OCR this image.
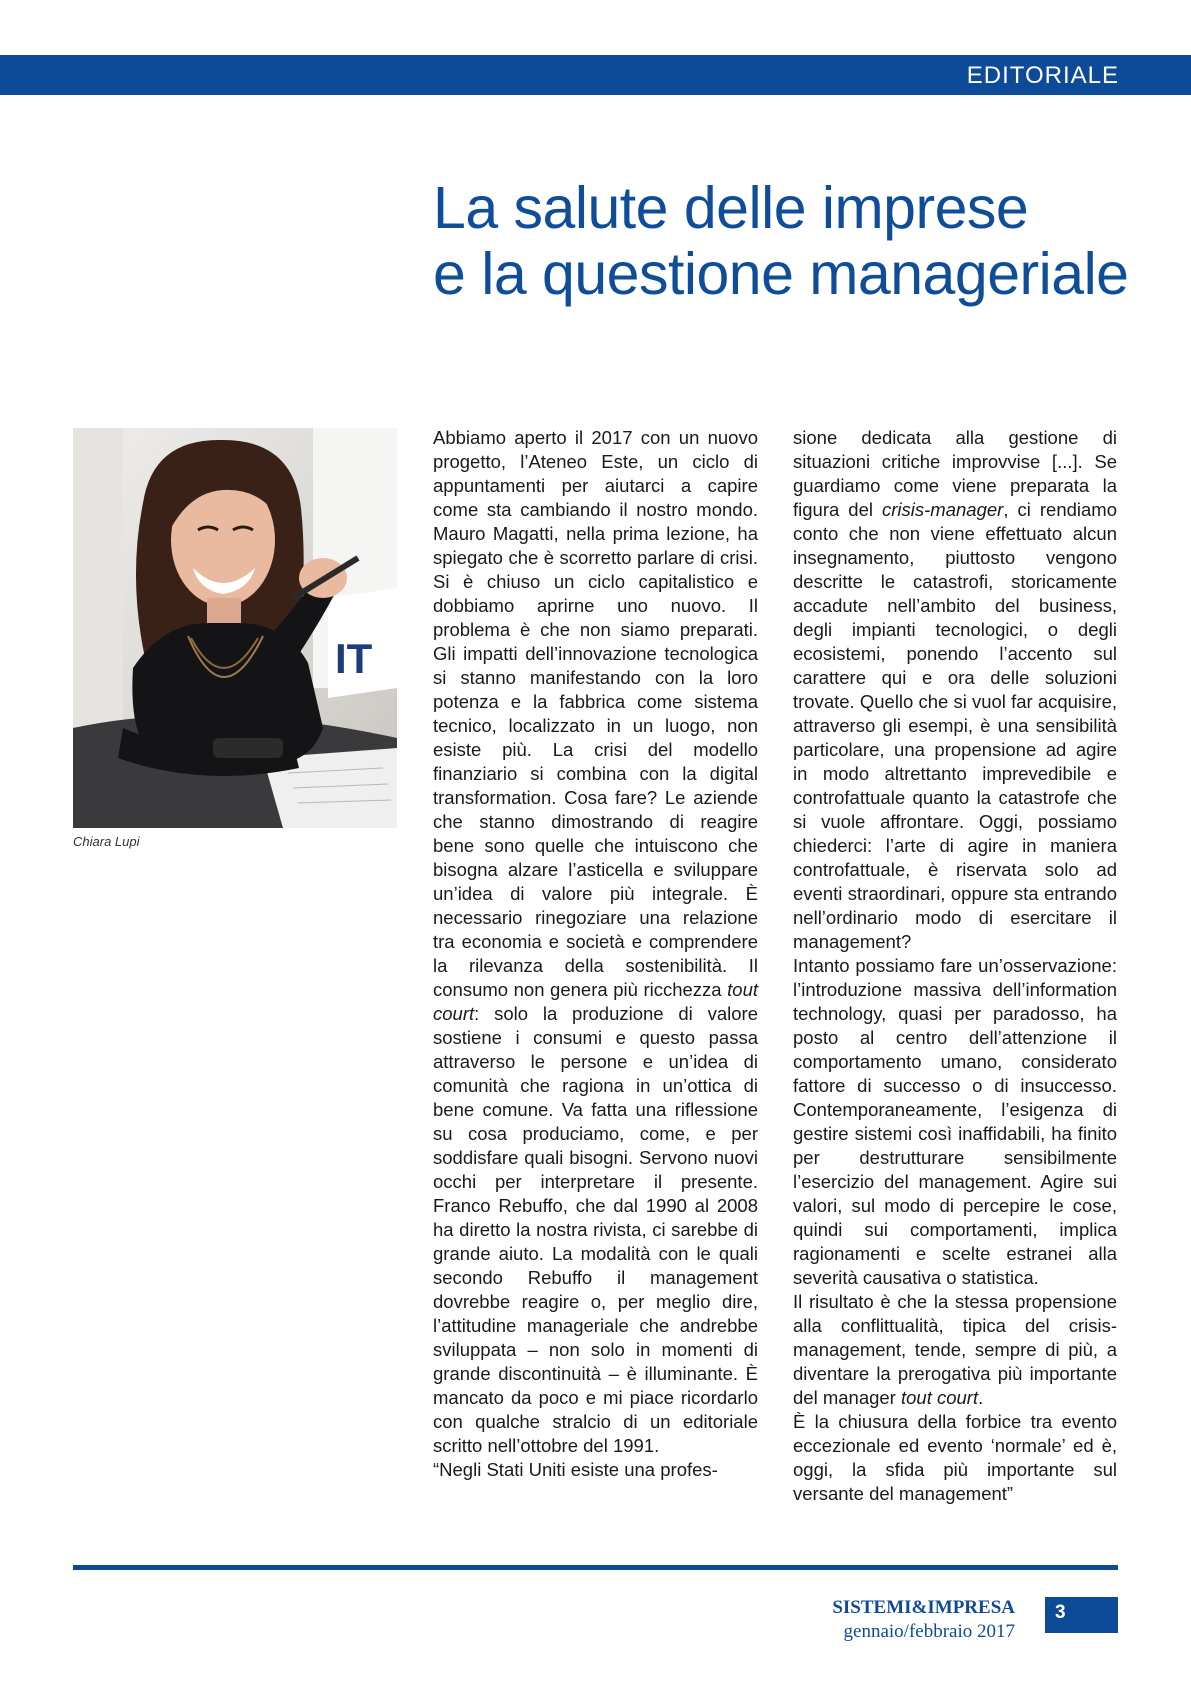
EDITORIALE
La salute delle imprese
e la questione manageriale
IT
Chiara Lupi

Abbiamo aperto il 2017 con un nuovo progetto, l’Ateneo Este, un ciclo di appuntamenti per aiutarci a capire come sta cambiando il nostro mondo. Mauro Magatti, nella prima lezione, ha spiegato che è scorretto parlare di crisi. Si è chiuso un ciclo capitalistico e dobbiamo aprirne uno nuovo. Il problema è che non siamo preparati. Gli impatti dell’innovazione tecnologica si stanno manifestando con la loro potenza e la fabbrica come sistema tecnico, localizzato in un luogo, non esiste più. La crisi del modello finanziario si combina con la digital transformation. Cosa fare? Le aziende che stanno dimostrando di reagire bene sono quelle che intuiscono che bisogna alzare l’asticella e sviluppare un’idea di valore più integrale. È necessario rinegoziare una relazione tra economia e società e comprendere la rilevanza della sostenibilità. Il consumo non genera più ricchezza tout court: solo la produzione di valore sostiene i consumi e questo passa attraverso le persone e un’idea di comunità che ragiona in un’ottica di bene comune. Va fatta una riflessione su cosa produciamo, come, e per soddisfare quali bisogni. Servono nuovi occhi per interpretare il presente. Franco Rebuffo, che dal 1990 al 2008 ha diretto la nostra rivista, ci sarebbe di grande aiuto. La modalità con le quali secondo Rebuffo il management dovrebbe reagire o, per meglio dire, l’attitudine manageriale che andrebbe sviluppata – non solo in momenti di grande discontinuità – è illuminante. È mancato da poco e mi piace ricordarlo con qualche stralcio di un editoriale scritto nell’ottobre del 1991.

“Negli Stati Uniti esiste una profes-

sione dedicata alla gestione di situazioni critiche improvvise [...]. Se guardiamo come viene preparata la figura del crisis-manager, ci rendiamo conto che non viene effettuato alcun insegnamento, piuttosto vengono descritte le catastrofi, storicamente accadute nell’ambito del business, degli impianti tecnologici, o degli ecosistemi, ponendo l’accento sul carattere qui e ora delle soluzioni trovate. Quello che si vuol far acquisire, attraverso gli esempi, è una sensibilità particolare, una propensione ad agire in modo altrettanto imprevedibile e controfattuale quanto la catastrofe che si vuole affrontare. Oggi, possiamo chiederci: l’arte di agire in maniera controfattuale, è riservata solo ad eventi straordinari, oppure sta entrando nell’ordinario modo di esercitare il management?

Intanto possiamo fare un’osservazione: l’introduzione massiva dell’information technology, quasi per paradosso, ha posto al centro dell’attenzione il comportamento umano, considerato fattore di successo o di insuccesso. Contemporaneamente, l’esigenza di gestire sistemi così inaffidabili, ha finito per destrutturare sensibilmente l’esercizio del management. Agire sui valori, sul modo di percepire le cose, quindi sui comportamenti, implica ragionamenti e scelte estranei alla severità causativa o statistica.

Il risultato è che la stessa propensione alla conflittualità, tipica del crisis-management, tende, sempre di più, a diventare la prerogativa più importante del manager tout court.

È la chiusura della forbice tra evento eccezionale ed evento ‘normale’ ed è, oggi, la sfida più importante sul versante del management”

SISTEMI&IMPRESA
gennaio/febbraio 2017
3
